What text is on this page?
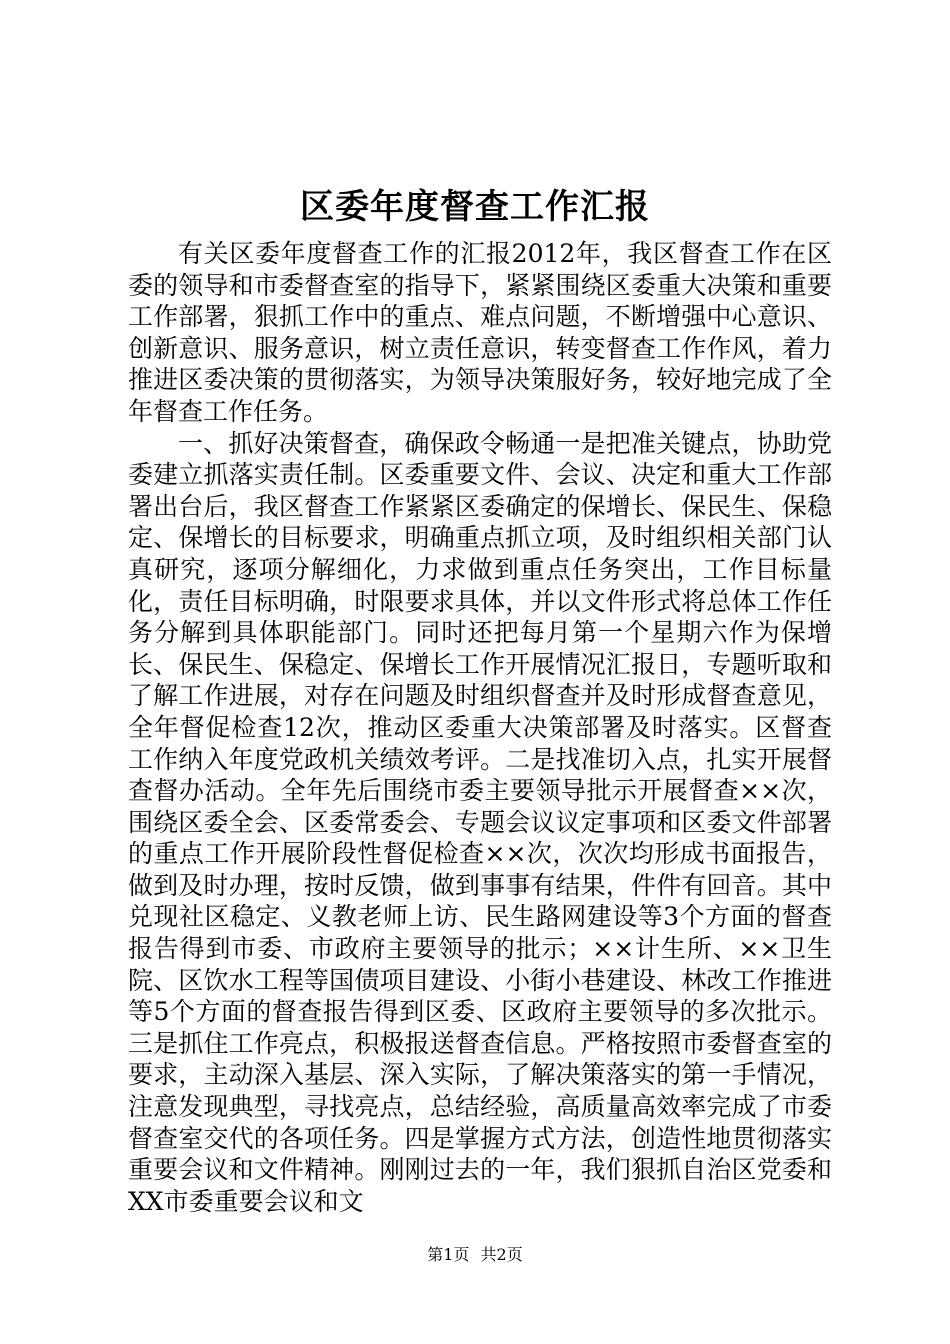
区委年度督查工作汇报

有关区委年度督查工作的汇报2012年，我区督查工作在区委的领导和市委督查室的指导下，紧紧围绕区委重大决策和重要工作部署，狠抓工作中的重点、难点问题，不断增强中心意识、创新意识、服务意识，树立责任意识，转变督查工作作风，着力推进区委决策的贯彻落实，为领导决策服好务，较好地完成了全年督查工作任务。

一、抓好决策督查，确保政令畅通一是把准关键点，协助党委建立抓落实责任制。区委重要文件、会议、决定和重大工作部署出台后，我区督查工作紧紧区委确定的保增长、保民生、保稳定、保增长的目标要求，明确重点抓立项，及时组织相关部门认真研究，逐项分解细化，力求做到重点任务突出，工作目标量化，责任目标明确，时限要求具体，并以文件形式将总体工作任务分解到具体职能部门。同时还把每月第一个星期六作为保增长、保民生、保稳定、保增长工作开展情况汇报日，专题听取和了解工作进展，对存在问题及时组织督查并及时形成督查意见，全年督促检查12次，推动区委重大决策部署及时落实。区督查工作纳入年度党政机关绩效考评。二是找准切入点，扎实开展督查督办活动。全年先后围绕市委主要领导批示开展督查××次，围绕区委全会、区委常委会、专题会议议定事项和区委文件部署的重点工作开展阶段性督促检查××次，次次均形成书面报告，做到及时办理，按时反馈，做到事事有结果，件件有回音。其中兑现社区稳定、义教老师上访、民生路网建设等3个方面的督查报告得到市委、市政府主要领导的批示；××计生所、××卫生院、区饮水工程等国债项目建设、小街小巷建设、林改工作推进等5个方面的督查报告得到区委、区政府主要领导的多次批示。三是抓住工作亮点，积极报送督查信息。严格按照市委督查室的要求，主动深入基层、深入实际，了解决策落实的第一手情况，注意发现典型，寻找亮点，总结经验，高质量高效率完成了市委督查室交代的各项任务。四是掌握方式方法，创造性地贯彻落实重要会议和文件精神。刚刚过去的一年，我们狠抓自治区党委和XX市委重要会议和文

第1页 共2页
